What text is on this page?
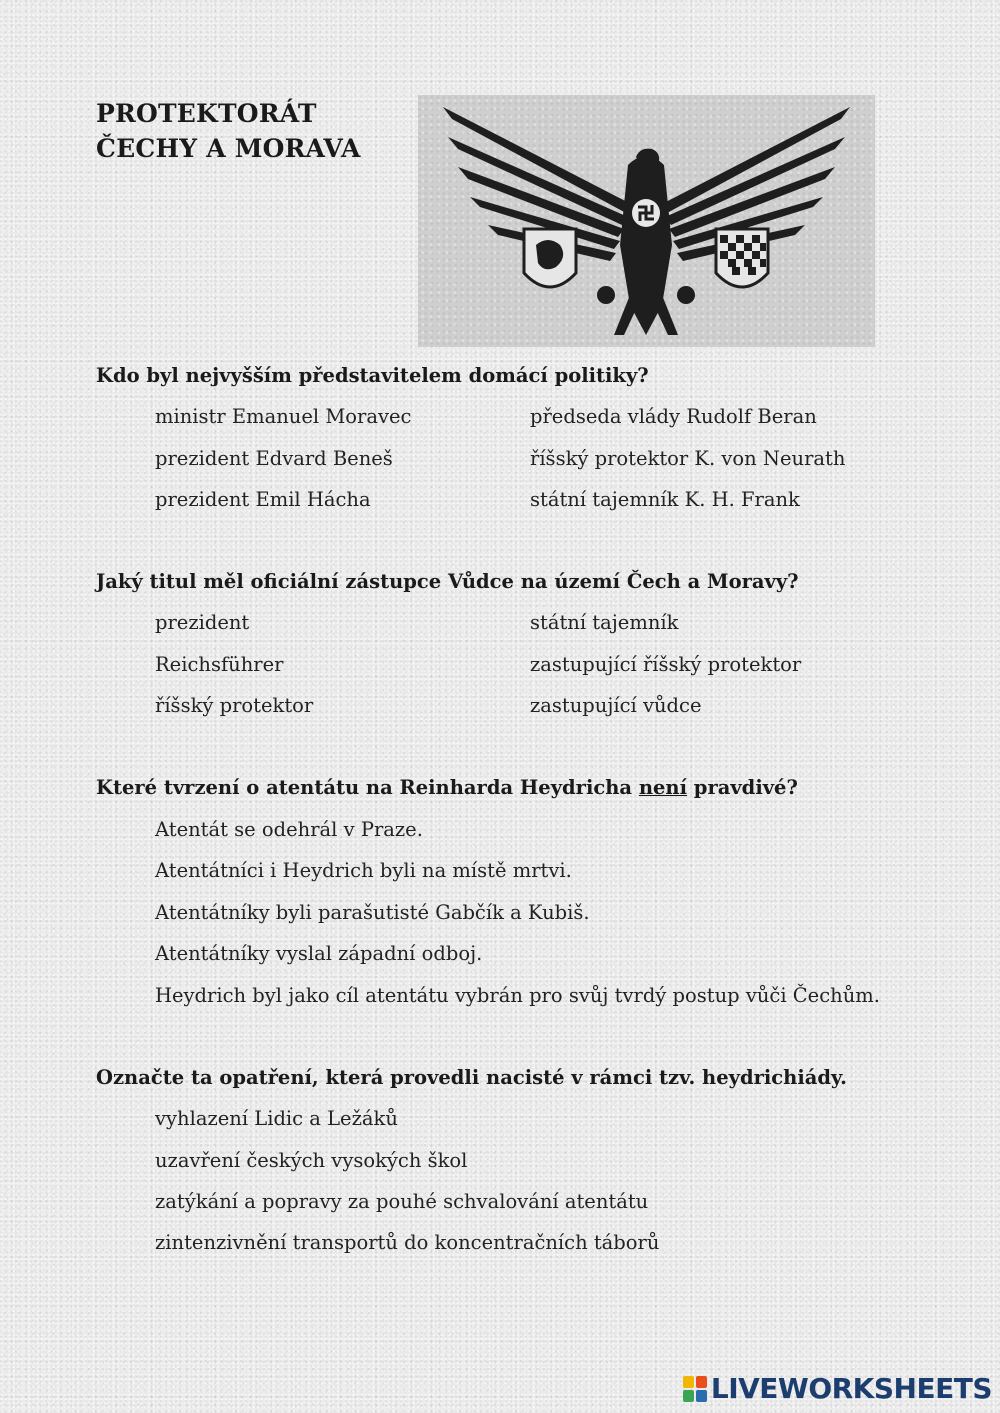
PROTEKTORÁT
ČECHY A MORAVA
Kdo byl nejvyšším představitelem domácí politiky?
ministr Emanuel Moravec	předseda vlády Rudolf Beran
prezident Edvard Beneš	říšský protektor K. von Neurath
prezident Emil Hácha	státní tajemník K. H. Frank
Jaký titul měl oficiální zástupce Vůdce na území Čech a Moravy?
prezident	státní tajemník
Reichsführer	zastupující říšský protektor
říšský protektor	zastupující vůdce
Které tvrzení o atentátu na Reinharda Heydricha není pravdivé?
Atentát se odehrál v Praze.
Atentátníci i Heydrich byli na místě mrtvi.
Atentátníky byli parašutisté Gabčík a Kubiš.
Atentátníky vyslal západní odboj.
Heydrich byl jako cíl atentátu vybrán pro svůj tvrdý postup vůči Čechům.
Označte ta opatření, která provedli nacisté v rámci tzv. heydrichiády.
vyhlazení Lidic a Ležáků
uzavření českých vysokých škol
zatýkání a popravy za pouhé schvalování atentátu
zintenzivnění transportů do koncentračních táborů
LIVEWORKSHEETS
